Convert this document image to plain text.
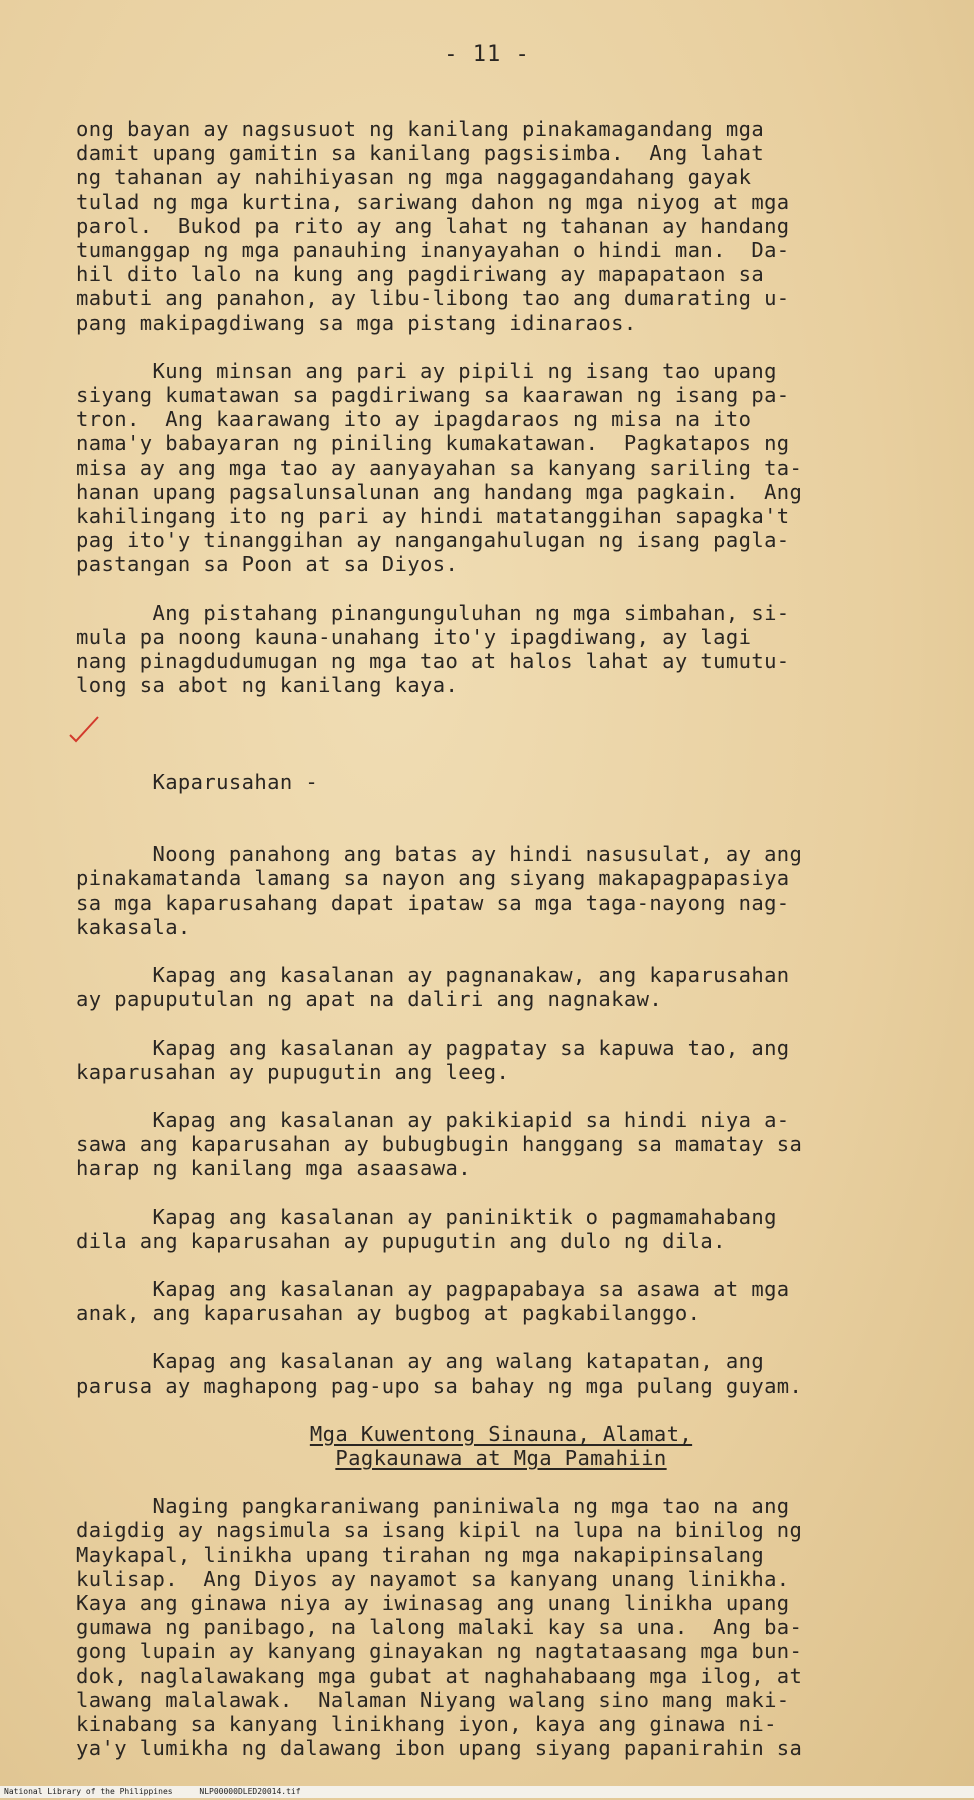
- 11 -

ong bayan ay nagsusuot ng kanilang pinakamagandang mga
damit upang gamitin sa kanilang pagsisimba.  Ang lahat
ng tahanan ay nahihiyasan ng mga naggagandahang gayak
tulad ng mga kurtina, sariwang dahon ng mga niyog at mga
parol.  Bukod pa rito ay ang lahat ng tahanan ay handang
tumanggap ng mga panauhing inanyayahan o hindi man.  Da-
hil dito lalo na kung ang pagdiriwang ay mapapataon sa
mabuti ang panahon, ay libu-libong tao ang dumarating u-
pang makipagdiwang sa mga pistang idinaraos.

Kung minsan ang pari ay pipili ng isang tao upang
siyang kumatawan sa pagdiriwang sa kaarawan ng isang pa-
tron.  Ang kaarawang ito ay ipagdaraos ng misa na ito
nama'y babayaran ng piniling kumakatawan.  Pagkatapos ng
misa ay ang mga tao ay aanyayahan sa kanyang sariling ta-
hanan upang pagsalunsalunan ang handang mga pagkain.  Ang
kahilingang ito ng pari ay hindi matatanggihan sapagka't
pag ito'y tinanggihan ay nangangahulugan ng isang pagla-
pastangan sa Poon at sa Diyos.

Ang pistahang pinangunguluhan ng mga simbahan, si-
mula pa noong kauna-unahang ito'y ipagdiwang, ay lagi
nang pinagdudumugan ng mga tao at halos lahat ay tumutu-
long sa abot ng kanilang kaya.

Kaparusahan -

Noong panahong ang batas ay hindi nasusulat, ay ang
pinakamatanda lamang sa nayon ang siyang makapagpapasiya
sa mga kaparusahang dapat ipataw sa mga taga-nayong nag-
kakasala.

Kapag ang kasalanan ay pagnanakaw, ang kaparusahan
ay papuputulan ng apat na daliri ang nagnakaw.

Kapag ang kasalanan ay pagpatay sa kapuwa tao, ang
kaparusahan ay pupugutin ang leeg.

Kapag ang kasalanan ay pakikiapid sa hindi niya a-
sawa ang kaparusahan ay bubugbugin hanggang sa mamatay sa
harap ng kanilang mga asaasawa.

Kapag ang kasalanan ay paniniktik o pagmamahabang
dila ang kaparusahan ay pupugutin ang dulo ng dila.

Kapag ang kasalanan ay pagpapabaya sa asawa at mga
anak, ang kaparusahan ay bugbog at pagkabilanggo.

Kapag ang kasalanan ay ang walang katapatan, ang
parusa ay maghapong pag-upo sa bahay ng mga pulang guyam.

Mga Kuwentong Sinauna, Alamat,
Pagkaunawa at Mga Pamahiin

Naging pangkaraniwang paniniwala ng mga tao na ang
daigdig ay nagsimula sa isang kipil na lupa na binilog ng
Maykapal, linikha upang tirahan ng mga nakapipinsalang
kulisap.  Ang Diyos ay nayamot sa kanyang unang linikha.
Kaya ang ginawa niya ay iwinasag ang unang linikha upang
gumawa ng panibago, na lalong malaki kay sa una.  Ang ba-
gong lupain ay kanyang ginayakan ng nagtataasang mga bun-
dok, naglalawakang mga gubat at naghahabaang mga ilog, at
lawang malalawak.  Nalaman Niyang walang sino mang maki-
kinabang sa kanyang linikhang iyon, kaya ang ginawa ni-
ya'y lumikha ng dalawang ibon upang siyang papanirahin sa

National Library of the Philippines	NLP00000DLED20014.tif
